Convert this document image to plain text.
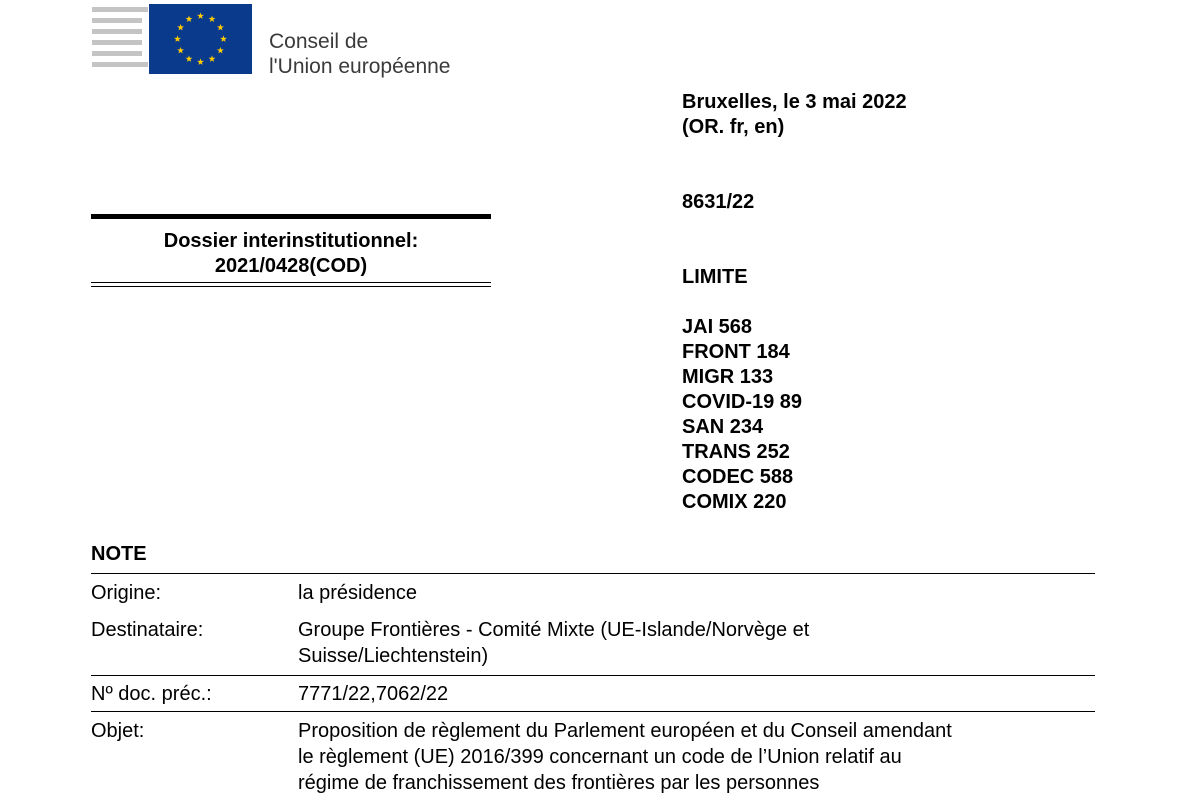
Conseil de
l'Union européenne
Bruxelles, le 3 mai 2022
(OR. fr, en)
8631/22
LIMITE
JAI 568
FRONT 184
MIGR 133
COVID-19 89
SAN 234
TRANS 252
CODEC 588
COMIX 220
Dossier interinstitutionnel:
2021/0428(COD)
NOTE
Origine:	la présidence
Destinataire:	Groupe Frontières - Comité Mixte (UE-Islande/Norvège et
Suisse/Liechtenstein)
Nº doc. préc.:	7771/22,7062/22
Objet:	Proposition de règlement du Parlement européen et du Conseil amendant
le règlement (UE) 2016/399 concernant un code de l’Union relatif au
régime de franchissement des frontières par les personnes
